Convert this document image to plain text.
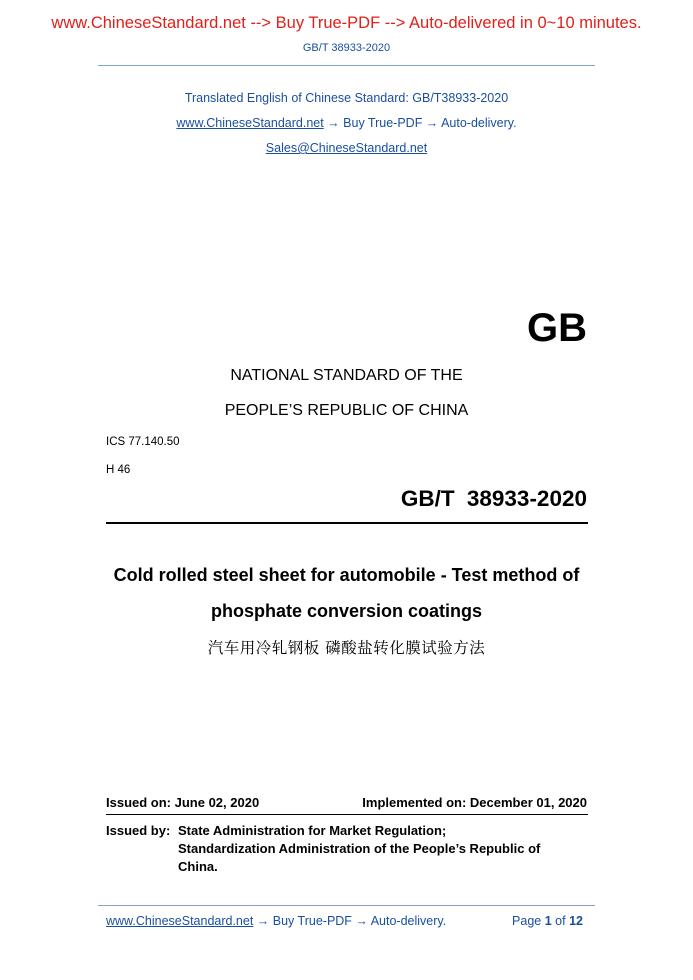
www.ChineseStandard.net --> Buy True-PDF --> Auto-delivered in 0~10 minutes.
GB/T 38933-2020
Translated English of Chinese Standard: GB/T38933-2020
www.ChineseStandard.net → Buy True-PDF → Auto-delivery.
Sales@ChineseStandard.net
GB
NATIONAL STANDARD OF THE
PEOPLE’S REPUBLIC OF CHINA
ICS 77.140.50
H 46
GB/T 38933-2020
Cold rolled steel sheet for automobile - Test method of
phosphate conversion coatings
汽车用冷轧钢板 磷酸盐转化膜试验方法
Issued on: June 02, 2020	Implemented on: December 01, 2020
Issued by: State Administration for Market Regulation;
Standardization Administration of the People’s Republic of
China.
www.ChineseStandard.net → Buy True-PDF → Auto-delivery.	Page 1 of 12
